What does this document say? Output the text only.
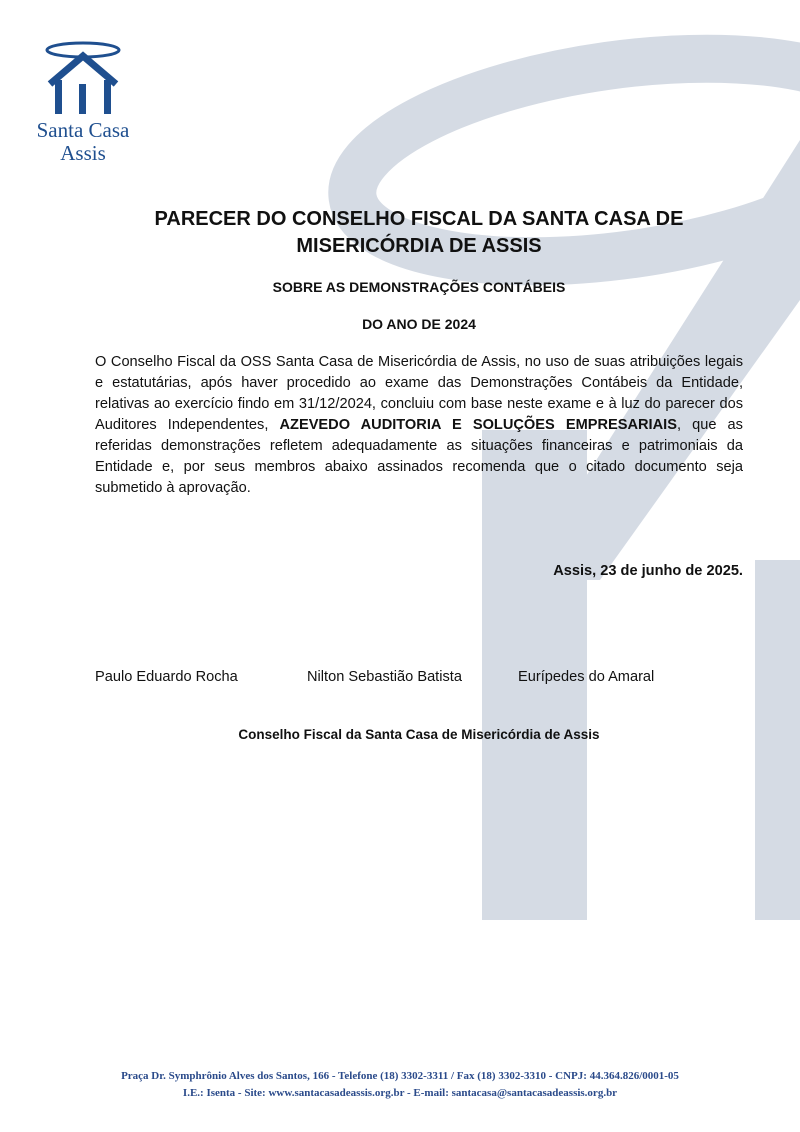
Santa Casa
Assis
PARECER DO CONSELHO FISCAL DA SANTA CASA DE MISERICÓRDIA DE ASSIS
SOBRE AS DEMONSTRAÇÕES CONTÁBEIS
DO ANO DE 2024

O Conselho Fiscal da OSS Santa Casa de Misericórdia de Assis, no uso de suas atribuições legais e estatutárias, após haver procedido ao exame das Demonstrações Contábeis da Entidade, relativas ao exercício findo em 31/12/2024, concluiu com base neste exame e à luz do parecer dos Auditores Independentes, AZEVEDO AUDITORIA E SOLUÇÕES EMPRESARIAIS, que as referidas demonstrações refletem adequadamente as situações financeiras e patrimoniais da Entidade e, por seus membros abaixo assinados recomenda que o citado documento seja submetido à aprovação.

Assis, 23 de junho de 2025.
Paulo Eduardo Rocha	Nilton Sebastião Batista	Eurípedes do Amaral
Conselho Fiscal da Santa Casa de Misericórdia de Assis
Praça Dr. Symphrônio Alves dos Santos, 166 - Telefone (18) 3302-3311 / Fax (18) 3302-3310 - CNPJ: 44.364.826/0001-05
I.E.: Isenta - Site: www.santacasadeassis.org.br - E-mail: santacasa@santacasadeassis.org.br
